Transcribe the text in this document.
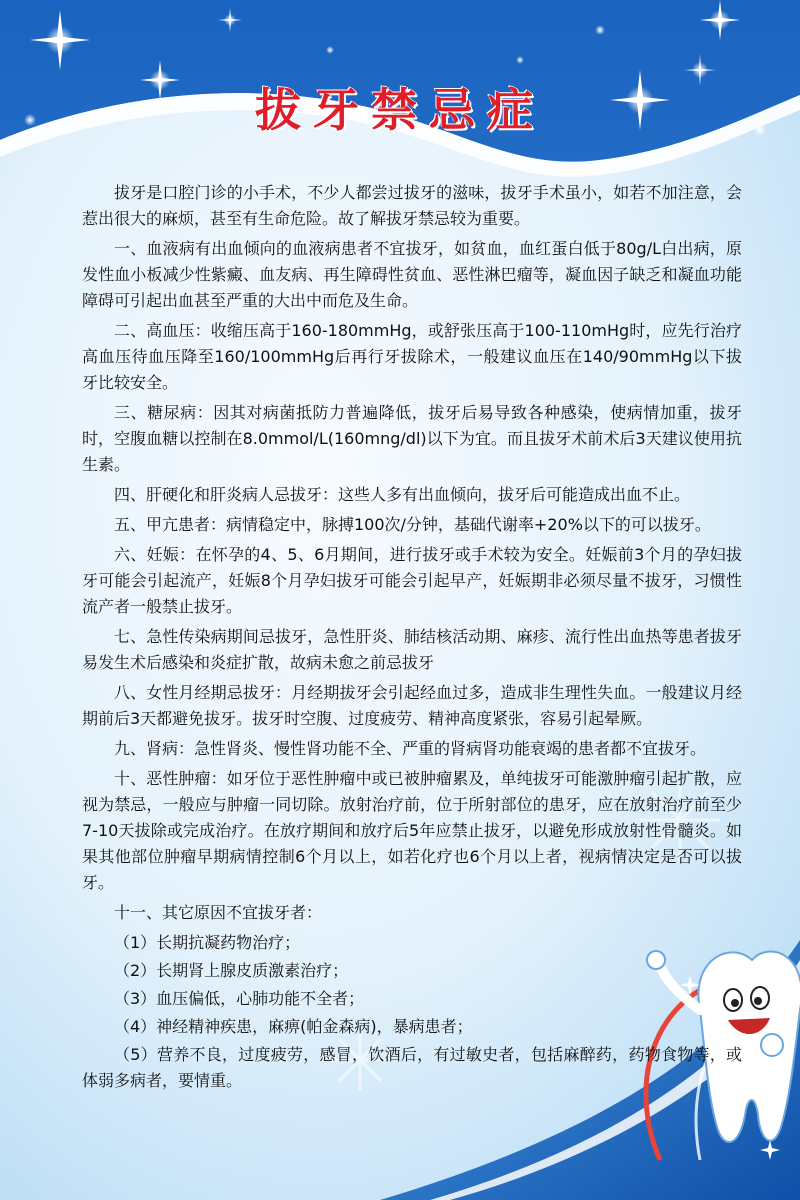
拔牙禁忌症

拔牙是口腔门诊的小手术，不少人都尝过拔牙的滋味，拔牙手术虽小，如若不加注意，会惹出很大的麻烦，甚至有生命危险。故了解拔牙禁忌较为重要。

一、血液病有出血倾向的血液病患者不宜拔牙，如贫血，血红蛋白低于80g/L白出病，原发性血小板减少性紫癜、血友病、再生障碍性贫血、恶性淋巴瘤等，凝血因子缺乏和凝血功能障碍可引起出血甚至严重的大出中而危及生命。

二、高血压：收缩压高于160-180mmHg，或舒张压高于100-110mHg时，应先行治疗高血压待血压降至160/100mmHg后再行牙拔除术，一般建议血压在140/90mmHg以下拔牙比较安全。

三、糖尿病：因其对病菌抵防力普遍降低，拔牙后易导致各种感染，使病情加重，拔牙时，空腹血糖以控制在8.0mmol/L(160mng/dl)以下为宜。而且拔牙术前术后3天建议使用抗生素。

四、肝硬化和肝炎病人忌拔牙：这些人多有出血倾向，拔牙后可能造成出血不止。

五、甲亢患者：病情稳定中，脉搏100次/分钟，基础代谢率+20%以下的可以拔牙。

六、妊娠：在怀孕的4、5、6月期间，进行拔牙或手术较为安全。妊娠前3个月的孕妇拔牙可能会引起流产，妊娠8个月孕妇拔牙可能会引起早产，妊娠期非必须尽量不拔牙，习惯性流产者一般禁止拔牙。

七、急性传染病期间忌拔牙，急性肝炎、肺结核活动期、麻疹、流行性出血热等患者拔牙易发生术后感染和炎症扩散，故病未愈之前忌拔牙

八、女性月经期忌拔牙：月经期拔牙会引起经血过多，造成非生理性失血。一般建议月经期前后3天都避免拔牙。拔牙时空腹、过度疲劳、精神高度紧张，容易引起晕厥。

九、肾病：急性肾炎、慢性肾功能不全、严重的肾病肾功能衰竭的患者都不宜拔牙。

十、恶性肿瘤：如牙位于恶性肿瘤中或已被肿瘤累及，单纯拔牙可能激肿瘤引起扩散，应视为禁忌，一般应与肿瘤一同切除。放射治疗前，位于所射部位的患牙，应在放射治疗前至少7-10天拔除或完成治疗。在放疗期间和放疗后5年应禁止拔牙，以避免形成放射性骨髓炎。如果其他部位肿瘤早期病情控制6个月以上，如若化疗也6个月以上者，视病情决定是否可以拔牙。

十一、其它原因不宜拔牙者：

（1）长期抗凝药物治疗；

（2）长期肾上腺皮质激素治疗；

（3）血压偏低，心肺功能不全者；

（4）神经精神疾患，麻痹(帕金森病)，暴病患者；

（5）营养不良，过度疲劳，感冒，饮酒后，有过敏史者，包括麻醉药，药物食物等，或体弱多病者，要情重。
